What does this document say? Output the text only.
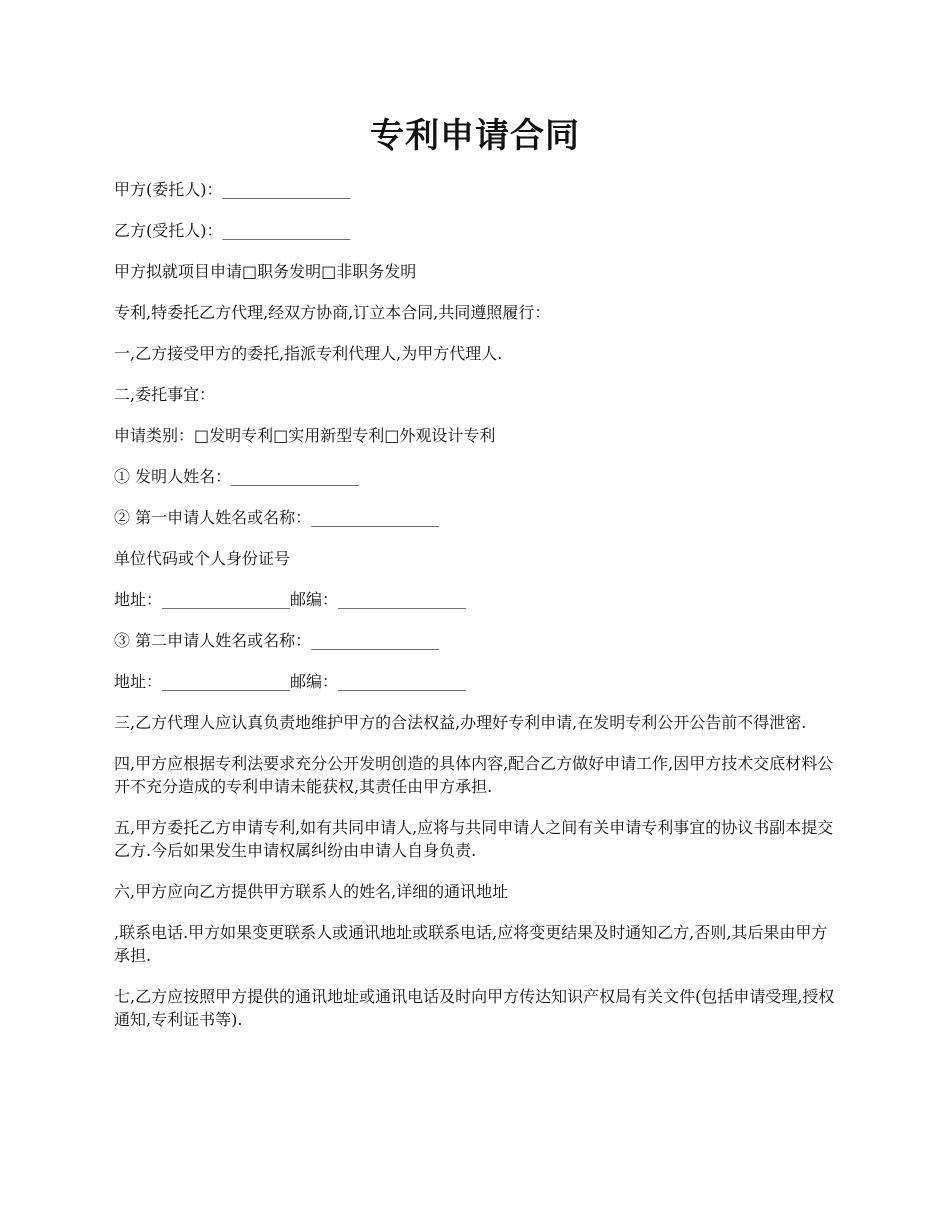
专利申请合同

甲方(委托人)：________________

乙方(受托人)：________________

甲方拟就项目申请□职务发明□非职务发明

专利,特委托乙方代理,经双方协商,订立本合同,共同遵照履行：

一,乙方接受甲方的委托,指派专利代理人,为甲方代理人.

二,委托事宜：

申请类别：□发明专利□实用新型专利□外观设计专利

① 发明人姓名：________________

② 第一申请人姓名或名称：________________

单位代码或个人身份证号

地址：________________邮编：________________

③ 第二申请人姓名或名称：________________

地址：________________邮编：________________

三,乙方代理人应认真负责地维护甲方的合法权益,办理好专利申请,在发明专利公开公告前不得泄密.

四,甲方应根据专利法要求充分公开发明创造的具体内容,配合乙方做好申请工作,因甲方技术交底材料公开不充分造成的专利申请未能获权,其责任由甲方承担.

五,甲方委托乙方申请专利,如有共同申请人,应将与共同申请人之间有关申请专利事宜的协议书副本提交乙方.今后如果发生申请权属纠纷由申请人自身负责.

六,甲方应向乙方提供甲方联系人的姓名,详细的通讯地址

,联系电话.甲方如果变更联系人或通讯地址或联系电话,应将变更结果及时通知乙方,否则,其后果由甲方承担.

七,乙方应按照甲方提供的通讯地址或通讯电话及时向甲方传达知识产权局有关文件(包括申请受理,授权通知,专利证书等).
